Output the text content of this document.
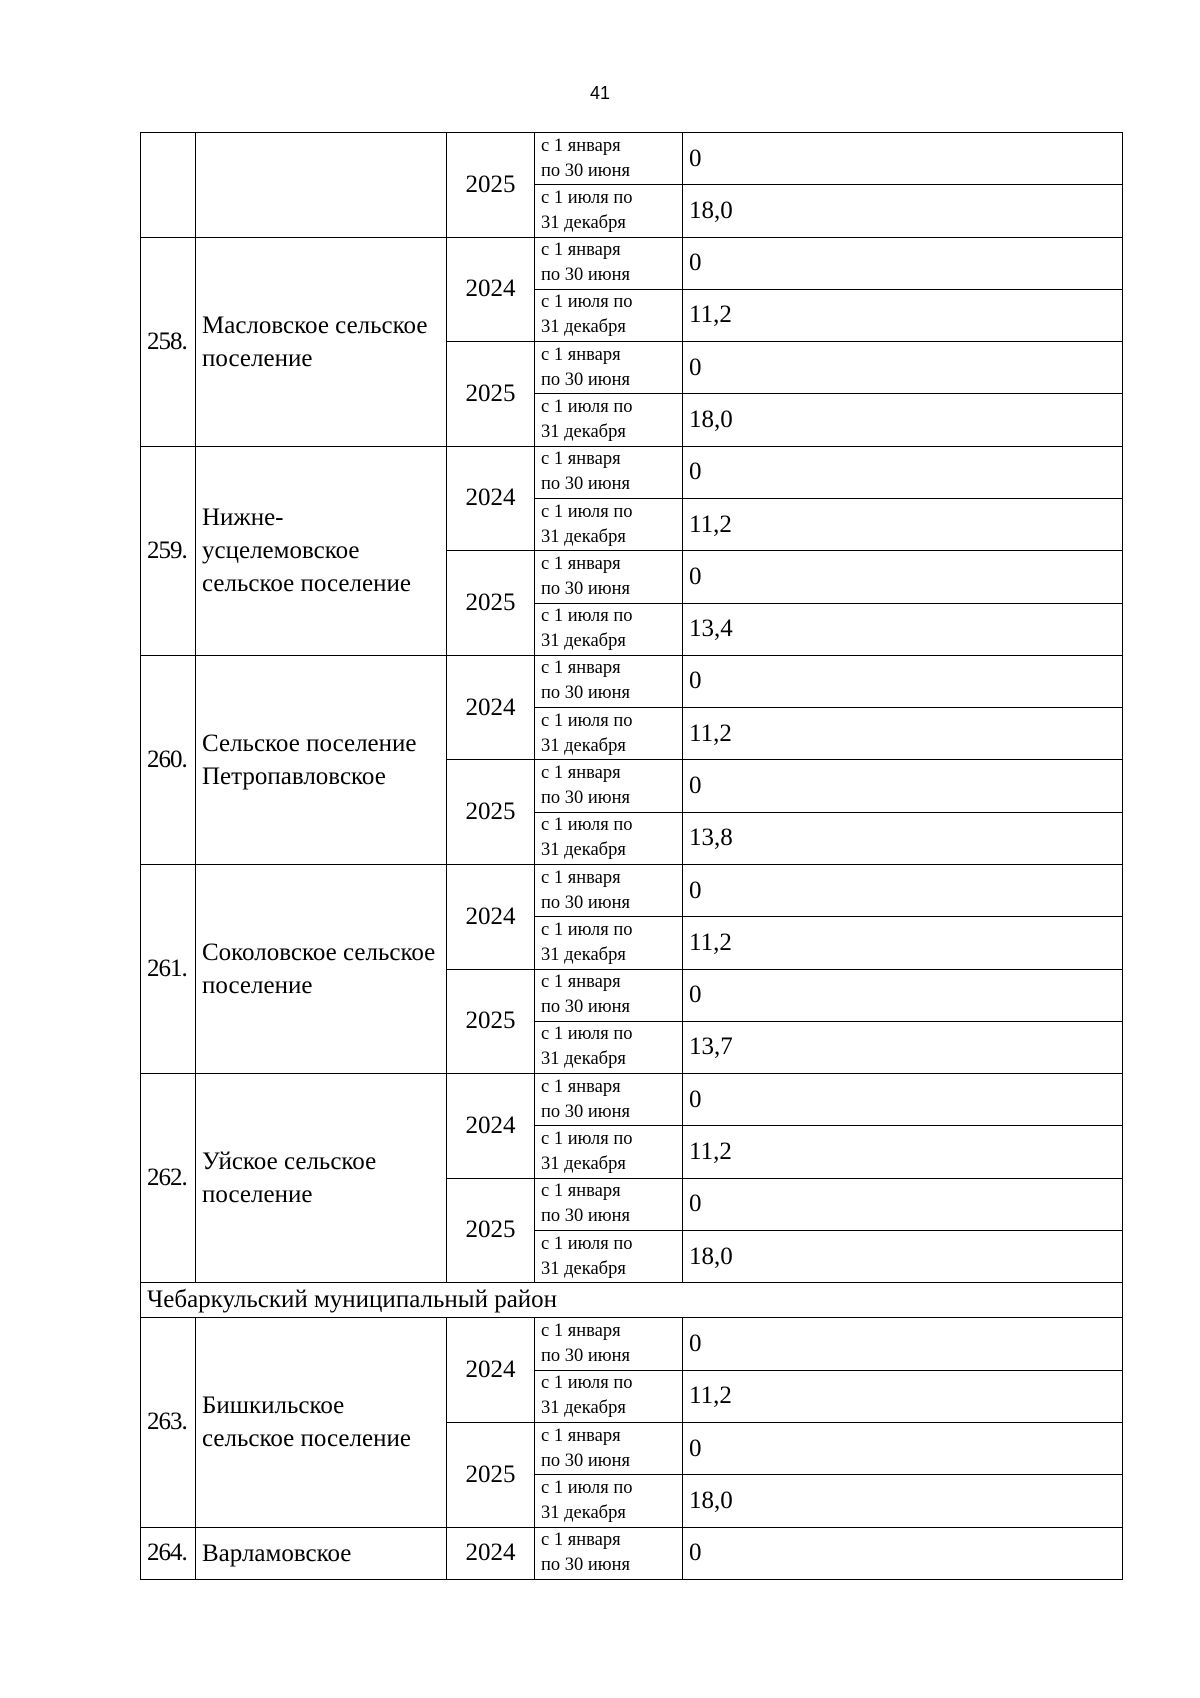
41
		2025	с 1 января
по 30 июня	0
			с 1 июля по
31 декабря	18,0
258.	Масловское сельское поселение	2024	с 1 января
по 30 июня	0
			с 1 июля по
31 декабря	11,2
		2025	с 1 января
по 30 июня	0
			с 1 июля по
31 декабря	18,0
259.	Нижне-усцелемовское сельское поселение	2024	с 1 января
по 30 июня	0
			с 1 июля по
31 декабря	11,2
		2025	с 1 января
по 30 июня	0
			с 1 июля по
31 декабря	13,4
260.	Сельское поселение Петропавловское	2024	с 1 января
по 30 июня	0
			с 1 июля по
31 декабря	11,2
		2025	с 1 января
по 30 июня	0
			с 1 июля по
31 декабря	13,8
261.	Соколовское сельское поселение	2024	с 1 января
по 30 июня	0
			с 1 июля по
31 декабря	11,2
		2025	с 1 января
по 30 июня	0
			с 1 июля по
31 декабря	13,7
262.	Уйское сельское поселение	2024	с 1 января
по 30 июня	0
			с 1 июля по
31 декабря	11,2
		2025	с 1 января
по 30 июня	0
			с 1 июля по
31 декабря	18,0
Чебаркульский муниципальный район				
263.	Бишкильское сельское поселение	2024	с 1 января
по 30 июня	0
			с 1 июля по
31 декабря	11,2
		2025	с 1 января
по 30 июня	0
			с 1 июля по
31 декабря	18,0
264.	Варламовское	2024	с 1 января
по 30 июня	0
